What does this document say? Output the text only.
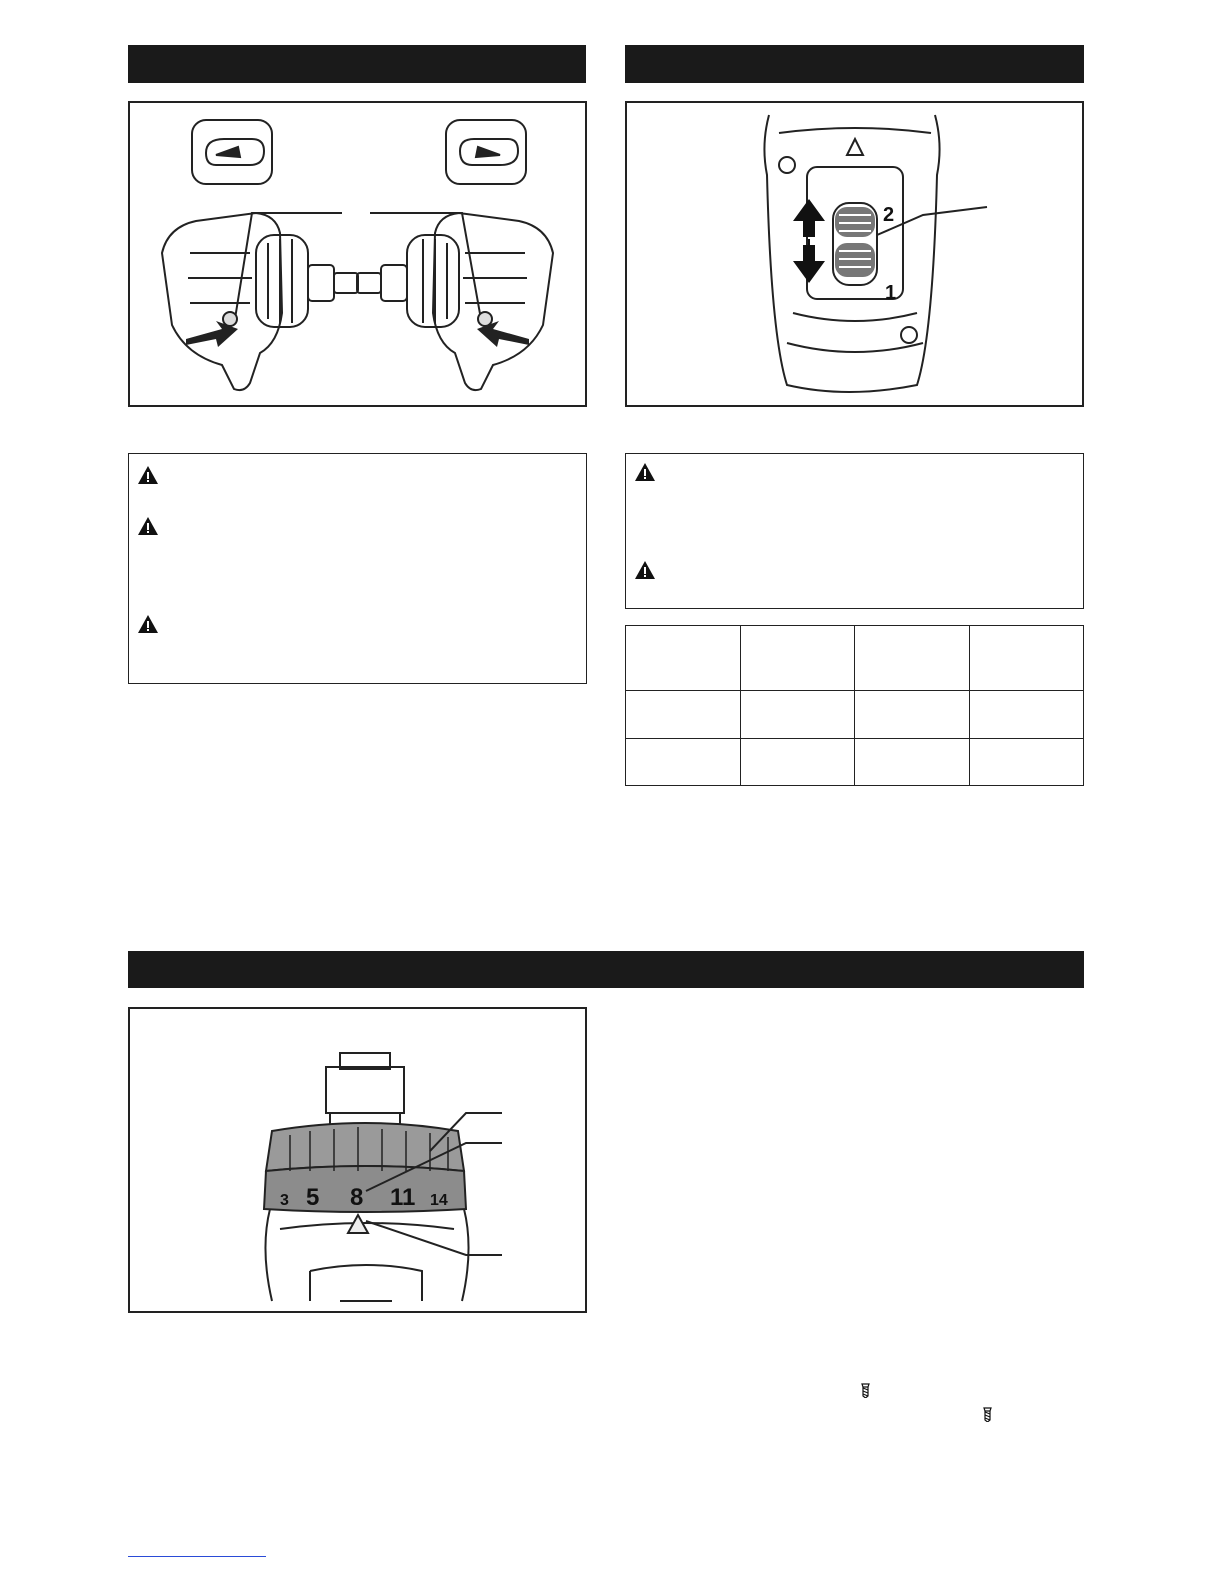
2
1

3 5 8 11 14
